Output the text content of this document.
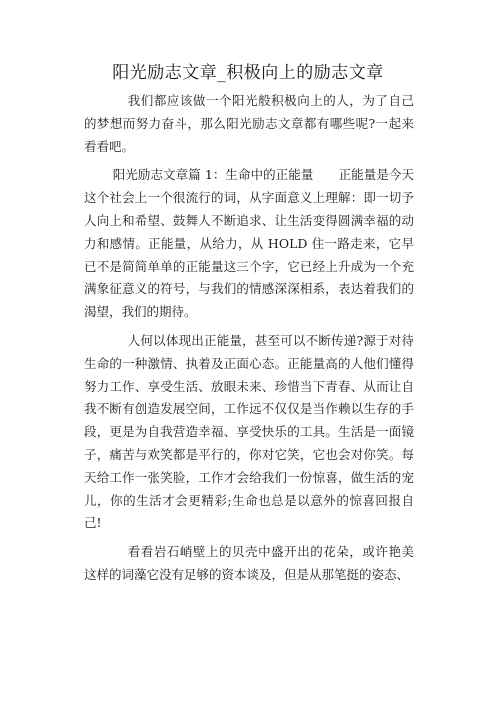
阳光励志文章_积极向上的励志文章

我们都应该做一个阳光般积极向上的人，为了自己的梦想而努力奋斗，那么阳光励志文章都有哪些呢?一起来看看吧。

阳光励志文章篇 1：生命中的正能量　　正能量是今天这个社会上一个很流行的词，从字面意义上理解：即一切予人向上和希望、鼓舞人不断追求、让生活变得圆满幸福的动力和感情。正能量，从给力，从 HOLD 住一路走来，它早已不是简简单单的正能量这三个字，它已经上升成为一个充满象征意义的符号，与我们的情感深深相系，表达着我们的渴望，我们的期待。

人何以体现出正能量，甚至可以不断传递?源于对待生命的一种激情、执着及正面心态。正能量高的人他们懂得努力工作、享受生活、放眼未来、珍惜当下青春、从而让自我不断有创造发展空间，工作远不仅仅是当作赖以生存的手段，更是为自我营造幸福、享受快乐的工具。生活是一面镜子，痛苦与欢笑都是平行的，你对它笑，它也会对你笑。每天给工作一张笑脸，工作才会给我们一份惊喜，做生活的宠儿，你的生活才会更精彩;生命也总是以意外的惊喜回报自己!

看看岩石峭壁上的贝壳中盛开出的花朵，或许艳美这样的词藻它没有足够的资本谈及，但是从那笔挺的姿态、
